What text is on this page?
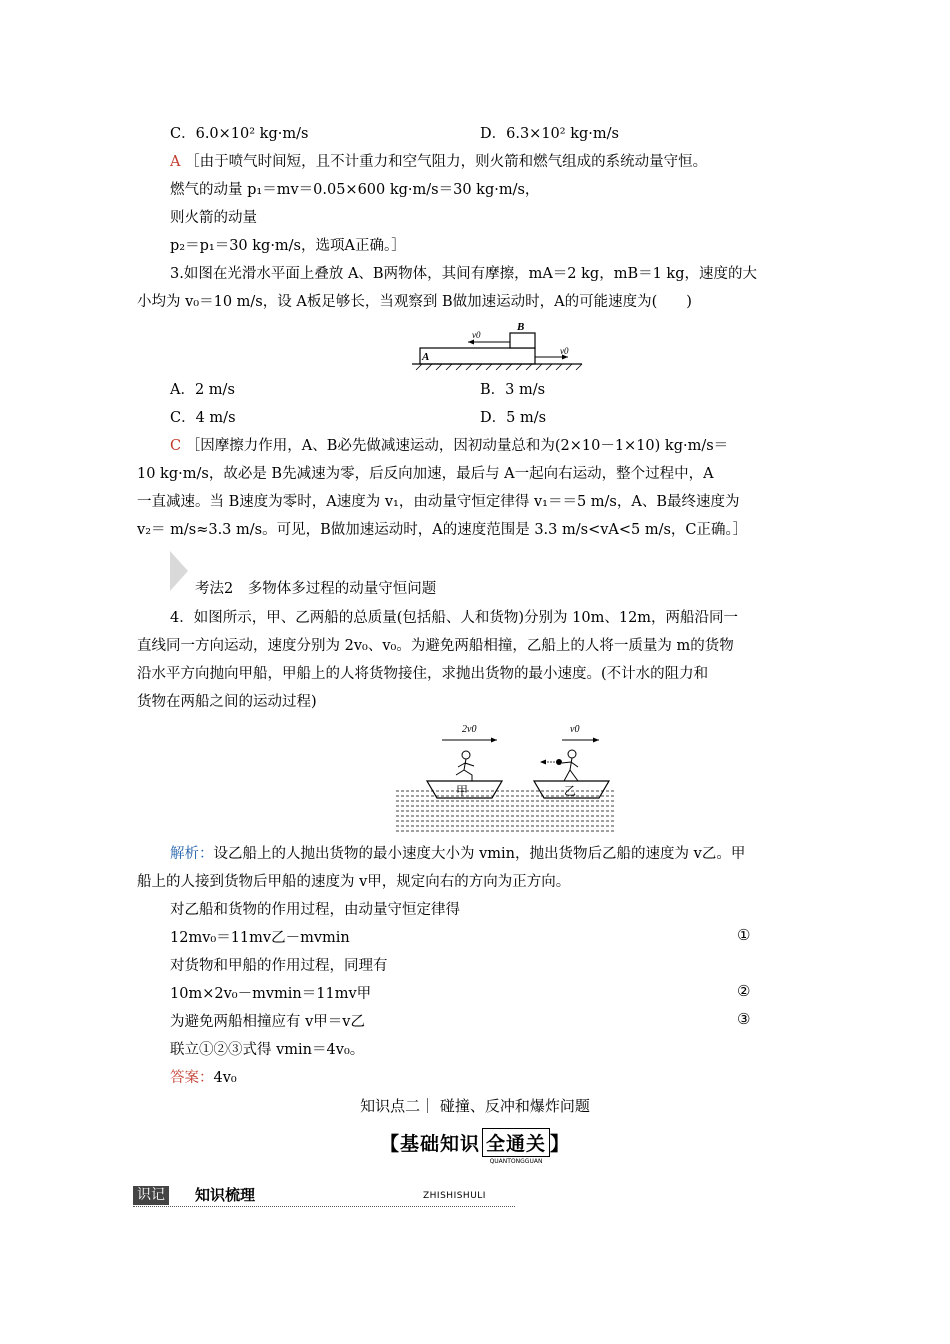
C．6.0×10² kg·m/s	D．6.3×10² kg·m/s
A ［由于喷气时间短，且不计重力和空气阻力，则火箭和燃气组成的系统动量守恒。
燃气的动量 p₁＝mv＝0.05×600 kg·m/s＝30 kg·m/s，
则火箭的动量
p₂＝p₁＝30 kg·m/s，选项A正确。］
3.如图在光滑水平面上叠放 A、B两物体，其间有摩擦，mA＝2 kg，mB＝1 kg，速度的大
小均为 v₀＝10 m/s，设 A板足够长，当观察到 B做加速运动时，A的可能速度为(　　)
B
A
v0
v0
A．2 m/s	B．3 m/s
C．4 m/s	D．5 m/s
C ［因摩擦力作用，A、B必先做减速运动，因初动量总和为(2×10－1×10) kg·m/s＝
10 kg·m/s，故必是 B先减速为零，后反向加速，最后与 A一起向右运动，整个过程中，A
一直减速。当 B速度为零时，A速度为 v₁，由动量守恒定律得 v₁＝＝5 m/s，A、B最终速度为
v₂＝ m/s≈3.3 m/s。可见，B做加速运动时，A的速度范围是 3.3 m/s<vA<5 m/s，C正确。］
考法2　多物体多过程的动量守恒问题
4．如图所示，甲、乙两船的总质量(包括船、人和货物)分别为 10m、12m，两船沿同一
直线同一方向运动，速度分别为 2v₀、v₀。为避免两船相撞，乙船上的人将一质量为 m的货物
沿水平方向抛向甲船，甲船上的人将货物接住，求抛出货物的最小速度。(不计水的阻力和
货物在两船之间的运动过程)
2v0	v0
甲	乙
解析：设乙船上的人抛出货物的最小速度大小为 vmin，抛出货物后乙船的速度为 v乙。甲
船上的人接到货物后甲船的速度为 v甲，规定向右的方向为正方向。
对乙船和货物的作用过程，由动量守恒定律得
12mv₀＝11mv乙－mvmin	①
对货物和甲船的作用过程，同理有
10m×2v₀－mvmin＝11mv甲	②
为避免两船相撞应有 v甲＝v乙	③
联立①②③式得 vmin＝4v₀。
答案：4v₀
知识点二｜ 碰撞、反冲和爆炸问题
【基础知识 全通关
QUANTONGGUAN
】
识记 知识梳理	ZHISHISHULI
